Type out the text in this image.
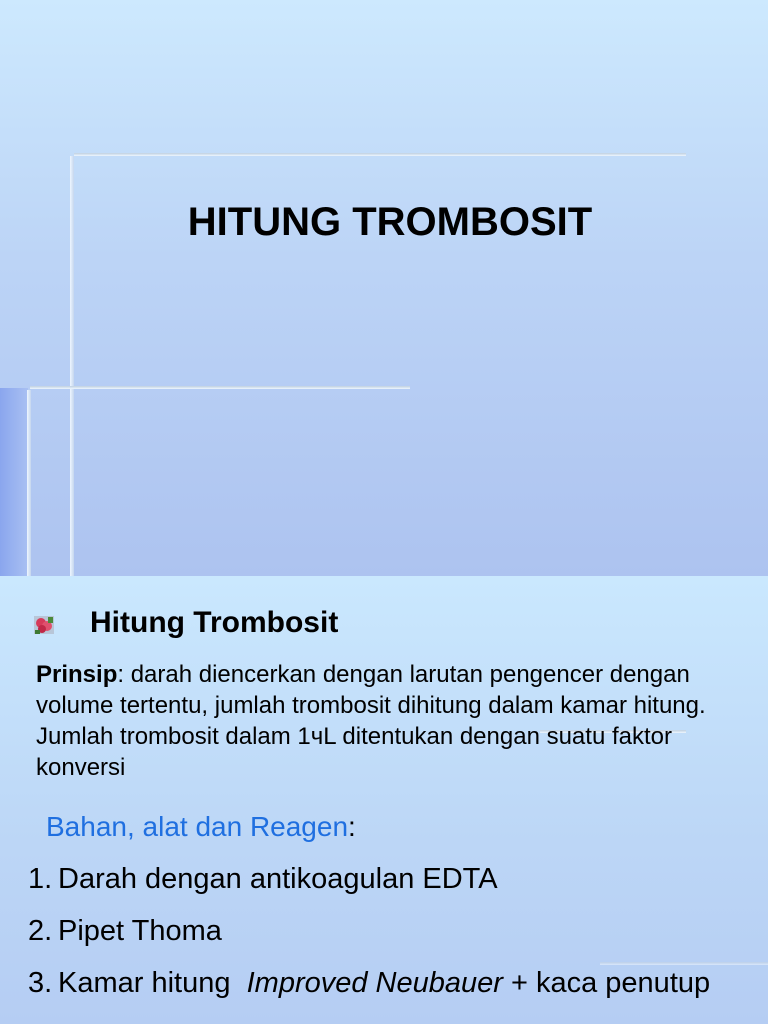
HITUNG TROMBOSIT
Hitung Trombosit

Prinsip: darah diencerkan dengan larutan pengencer dengan volume tertentu, jumlah trombosit dihitung dalam kamar hitung. Jumlah trombosit dalam 1чL ditentukan dengan suatu faktor konversi

Bahan, alat dan Reagen:

1. Darah dengan antikoagulan EDTA
2. Pipet Thoma
3. Kamar hitung  Improved Neubauer + kaca penutup
